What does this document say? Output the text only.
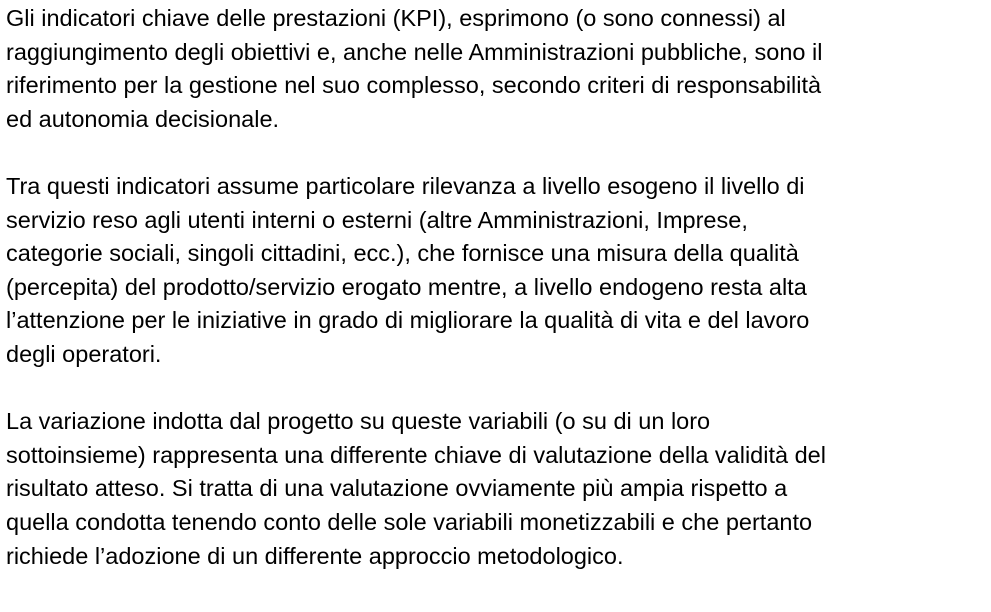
Gli indicatori chiave delle prestazioni (KPI), esprimono (o sono connessi) al
raggiungimento degli obiettivi e, anche nelle Amministrazioni pubbliche, sono il
riferimento per la gestione nel suo complesso, secondo criteri di responsabilità
ed autonomia decisionale.

Tra questi indicatori assume particolare rilevanza a livello esogeno il livello di
servizio reso agli utenti interni o esterni (altre Amministrazioni, Imprese,
categorie sociali, singoli cittadini, ecc.), che fornisce una misura della qualità
(percepita) del prodotto/servizio erogato mentre, a livello endogeno resta alta
l’attenzione per le iniziative in grado di migliorare la qualità di vita e del lavoro
degli operatori.

La variazione indotta dal progetto su queste variabili (o su di un loro
sottoinsieme) rappresenta una differente chiave di valutazione della validità del
risultato atteso. Si tratta di una valutazione ovviamente più ampia rispetto a
quella condotta tenendo conto delle sole variabili monetizzabili e che pertanto
richiede l’adozione di un differente approccio metodologico.
